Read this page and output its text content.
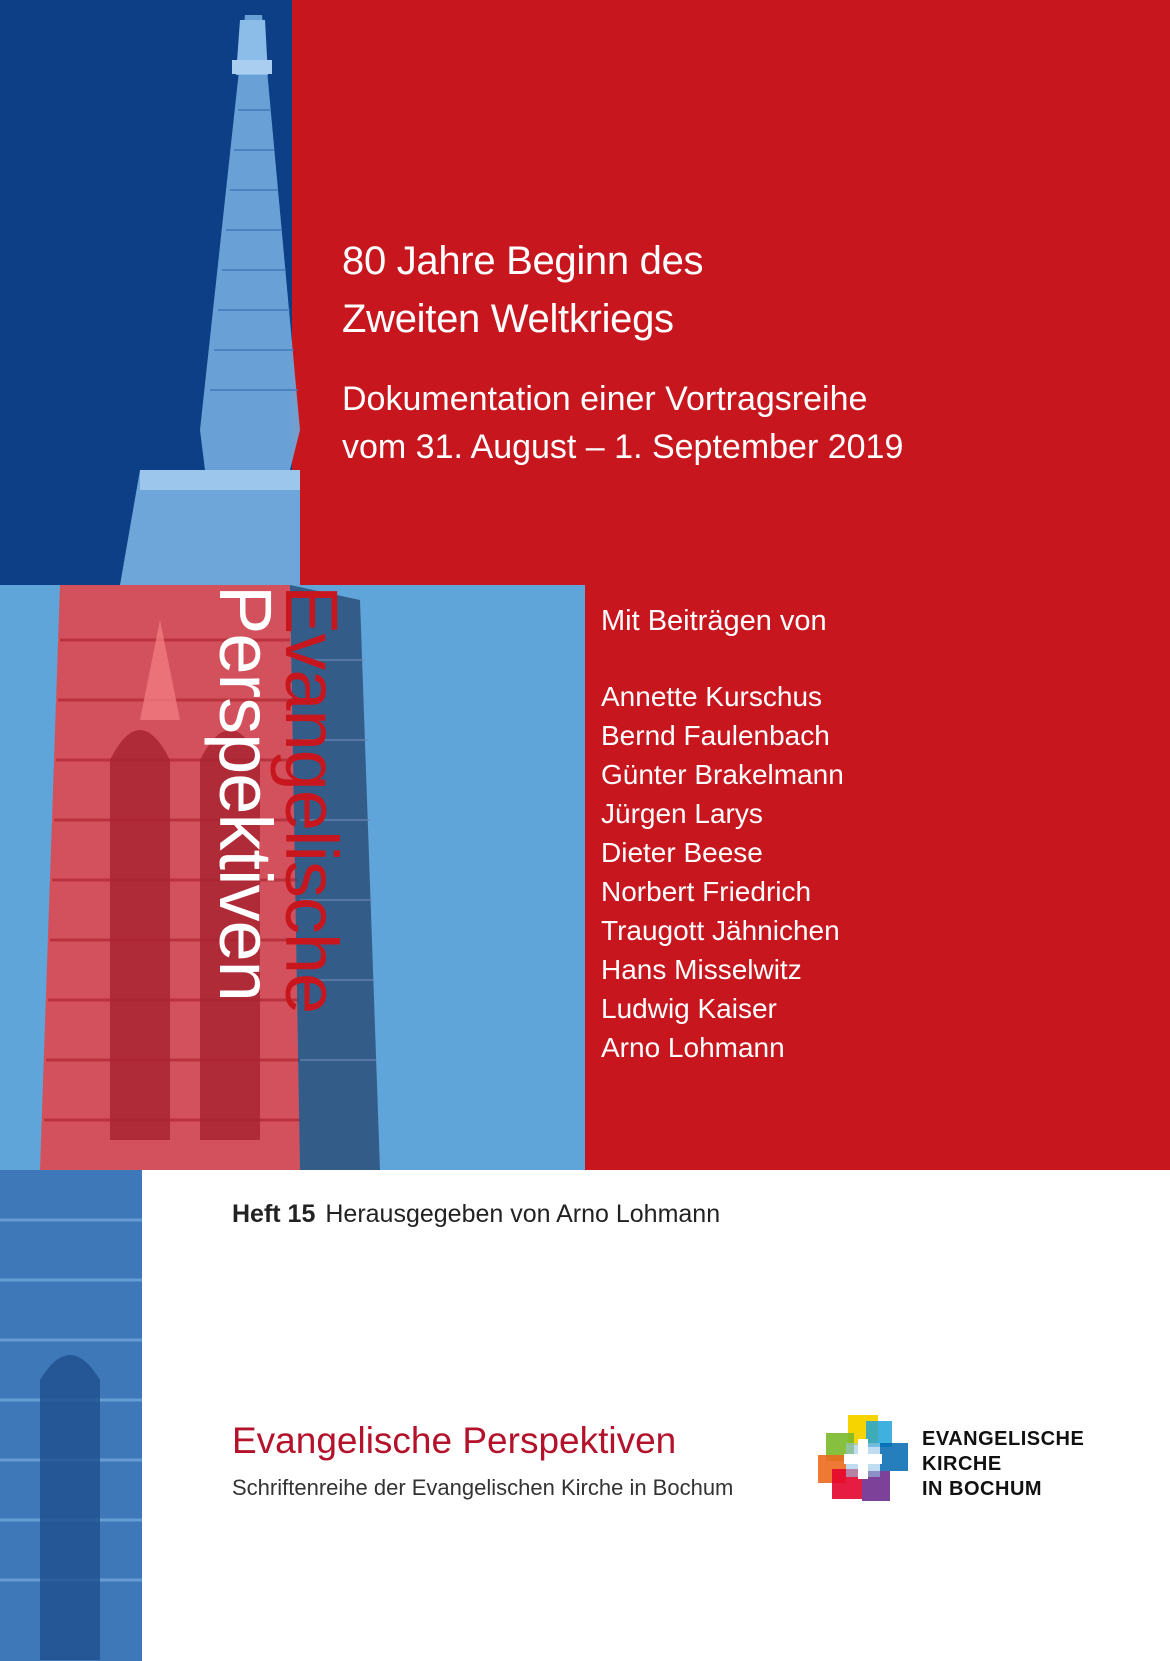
80 Jahre Beginn des
Zweiten Weltkriegs
Dokumentation einer Vortragsreihe
vom 31. August – 1. September 2019
Mit Beiträgen von
Annette Kurschus
Bernd Faulenbach
Günter Brakelmann
Jürgen Larys
Dieter Beese
Norbert Friedrich
Traugott Jähnichen
Hans Misselwitz
Ludwig Kaiser
Arno Lohmann
Evangelische
Perspektiven
Heft 15 Herausgegeben von Arno Lohmann
Evangelische Perspektiven
Schriftenreihe der Evangelischen Kirche in Bochum
EVANGELISCHE
KIRCHE
IN BOCHUM
